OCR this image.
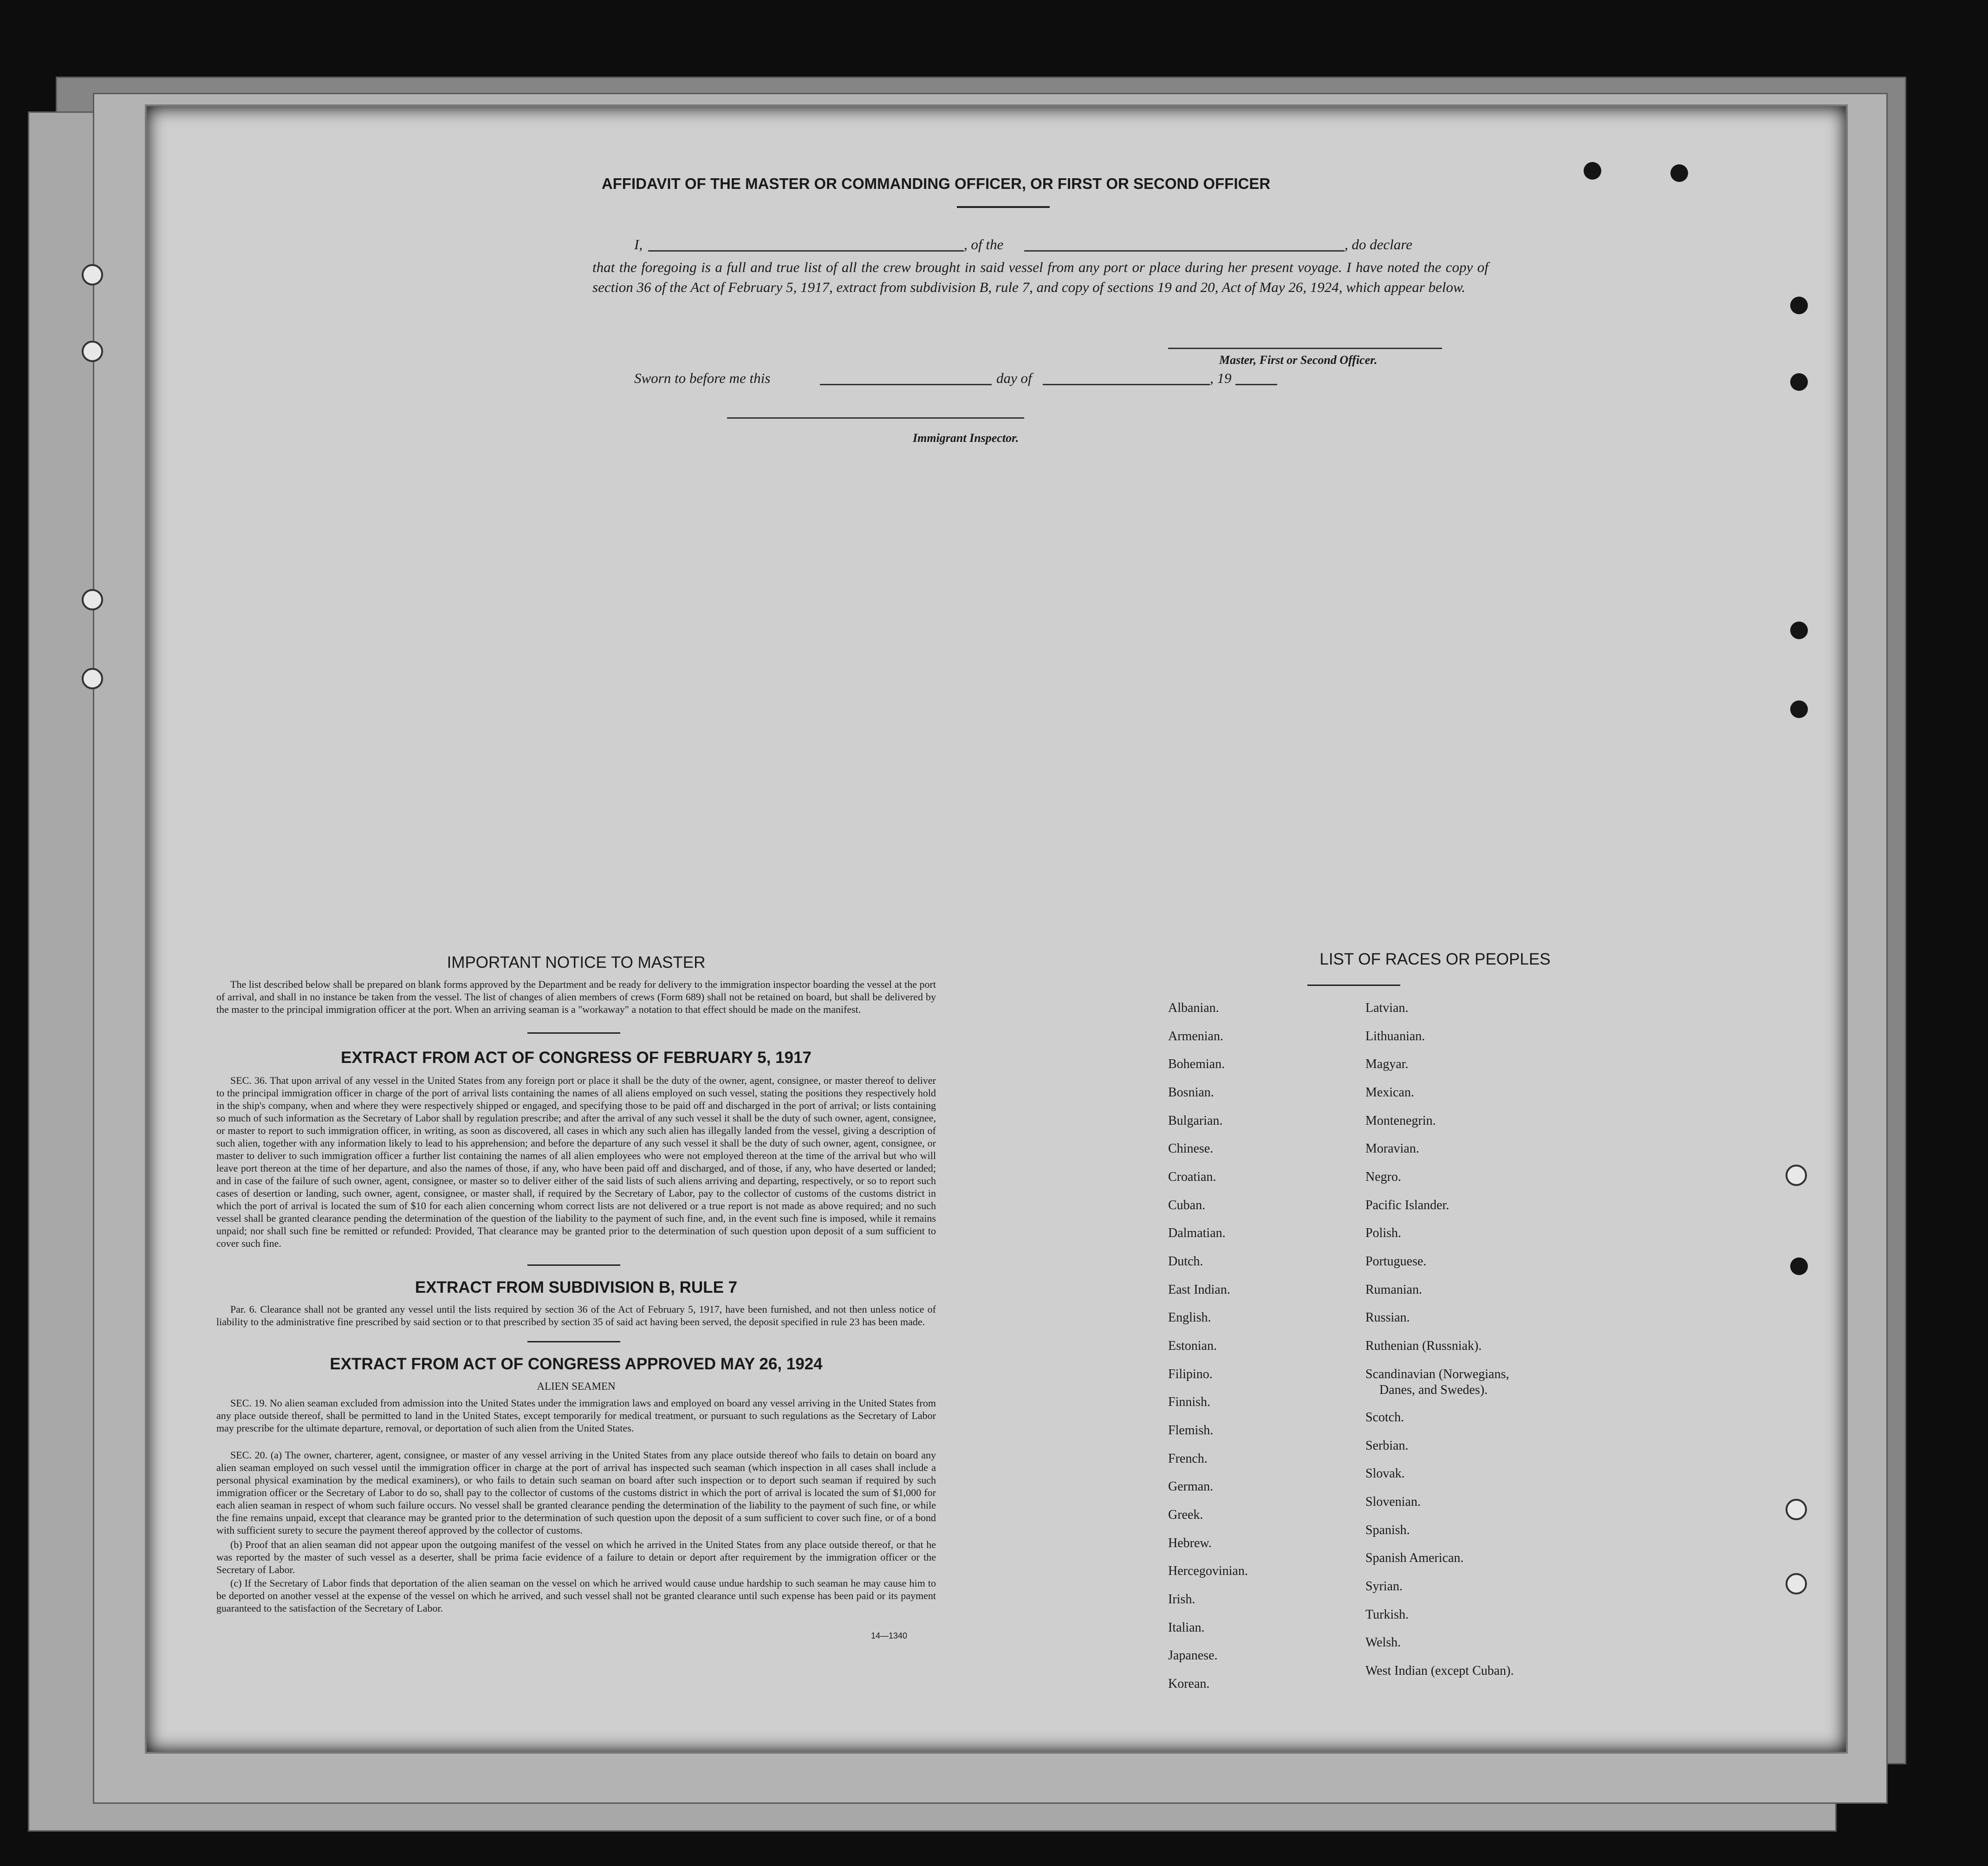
AFFIDAVIT OF THE MASTER OR COMMANDING OFFICER, OR FIRST OR SECOND OFFICER
I,	, of the	, do declare
that the foregoing is a full and true list of all the crew brought in said vessel from any port or place during her present voyage. I have noted the copy of section 36 of the Act of February 5, 1917, extract from subdivision B, rule 7, and copy of sections 19 and 20, Act of May 26, 1924, which appear below.
Master, First or Second Officer.
Sworn to before me this	day of	, 19
Immigrant Inspector.
IMPORTANT NOTICE TO MASTER
The list described below shall be prepared on blank forms approved by the Department and be ready for delivery to the immigration inspector boarding the vessel at the port of arrival, and shall in no instance be taken from the vessel. The list of changes of alien members of crews (Form 689) shall not be retained on board, but shall be delivered by the master to the principal immigration officer at the port. When an arriving seaman is a "workaway" a notation to that effect should be made on the manifest.
EXTRACT FROM ACT OF CONGRESS OF FEBRUARY 5, 1917
SEC. 36. That upon arrival of any vessel in the United States from any foreign port or place it shall be the duty of the owner, agent, consignee, or master thereof to deliver to the principal immigration officer in charge of the port of arrival lists containing the names of all aliens employed on such vessel, stating the positions they respectively hold in the ship's company, when and where they were respectively shipped or engaged, and specifying those to be paid off and discharged in the port of arrival; or lists containing so much of such information as the Secretary of Labor shall by regulation prescribe; and after the arrival of any such vessel it shall be the duty of such owner, agent, consignee, or master to report to such immigration officer, in writing, as soon as discovered, all cases in which any such alien has illegally landed from the vessel, giving a description of such alien, together with any information likely to lead to his apprehension; and before the departure of any such vessel it shall be the duty of such owner, agent, consignee, or master to deliver to such immigration officer a further list containing the names of all alien employees who were not employed thereon at the time of the arrival but who will leave port thereon at the time of her departure, and also the names of those, if any, who have been paid off and discharged, and of those, if any, who have deserted or landed; and in case of the failure of such owner, agent, consignee, or master so to deliver either of the said lists of such aliens arriving and departing, respectively, or so to report such cases of desertion or landing, such owner, agent, consignee, or master shall, if required by the Secretary of Labor, pay to the collector of customs of the customs district in which the port of arrival is located the sum of $10 for each alien concerning whom correct lists are not delivered or a true report is not made as above required; and no such vessel shall be granted clearance pending the determination of the question of the liability to the payment of such fine, and, in the event such fine is imposed, while it remains unpaid; nor shall such fine be remitted or refunded: Provided, That clearance may be granted prior to the determination of such question upon deposit of a sum sufficient to cover such fine.
EXTRACT FROM SUBDIVISION B, RULE 7
Par. 6. Clearance shall not be granted any vessel until the lists required by section 36 of the Act of February 5, 1917, have been furnished, and not then unless notice of liability to the administrative fine prescribed by said section or to that prescribed by section 35 of said act having been served, the deposit specified in rule 23 has been made.
EXTRACT FROM ACT OF CONGRESS APPROVED MAY 26, 1924
ALIEN SEAMEN
SEC. 19. No alien seaman excluded from admission into the United States under the immigration laws and employed on board any vessel arriving in the United States from any place outside thereof, shall be permitted to land in the United States, except temporarily for medical treatment, or pursuant to such regulations as the Secretary of Labor may prescribe for the ultimate departure, removal, or deportation of such alien from the United States.
SEC. 20. (a) The owner, charterer, agent, consignee, or master of any vessel arriving in the United States from any place outside thereof who fails to detain on board any alien seaman employed on such vessel until the immigration officer in charge at the port of arrival has inspected such seaman (which inspection in all cases shall include a personal physical examination by the medical examiners), or who fails to detain such seaman on board after such inspection or to deport such seaman if required by such immigration officer or the Secretary of Labor to do so, shall pay to the collector of customs of the customs district in which the port of arrival is located the sum of $1,000 for each alien seaman in respect of whom such failure occurs. No vessel shall be granted clearance pending the determination of the liability to the payment of such fine, or while the fine remains unpaid, except that clearance may be granted prior to the determination of such question upon the deposit of a sum sufficient to cover such fine, or of a bond with sufficient surety to secure the payment thereof approved by the collector of customs.
(b) Proof that an alien seaman did not appear upon the outgoing manifest of the vessel on which he arrived in the United States from any place outside thereof, or that he was reported by the master of such vessel as a deserter, shall be prima facie evidence of a failure to detain or deport after requirement by the immigration officer or the Secretary of Labor.
(c) If the Secretary of Labor finds that deportation of the alien seaman on the vessel on which he arrived would cause undue hardship to such seaman he may cause him to be deported on another vessel at the expense of the vessel on which he arrived, and such vessel shall not be granted clearance until such expense has been paid or its payment guaranteed to the satisfaction of the Secretary of Labor.
14—1340
LIST OF RACES OR PEOPLES
Albanian.
Armenian.
Bohemian.
Bosnian.
Bulgarian.
Chinese.
Croatian.
Cuban.
Dalmatian.
Dutch.
East Indian.
English.
Estonian.
Filipino.
Finnish.
Flemish.
French.
German.
Greek.
Hebrew.
Hercegovinian.
Irish.
Italian.
Japanese.
Korean.
Latvian.
Lithuanian.
Magyar.
Mexican.
Montenegrin.
Moravian.
Negro.
Pacific Islander.
Polish.
Portuguese.
Rumanian.
Russian.
Ruthenian (Russniak).
Scandinavian (Norwegians,
Danes, and Swedes).
Scotch.
Serbian.
Slovak.
Slovenian.
Spanish.
Spanish American.
Syrian.
Turkish.
Welsh.
West Indian (except Cuban).
